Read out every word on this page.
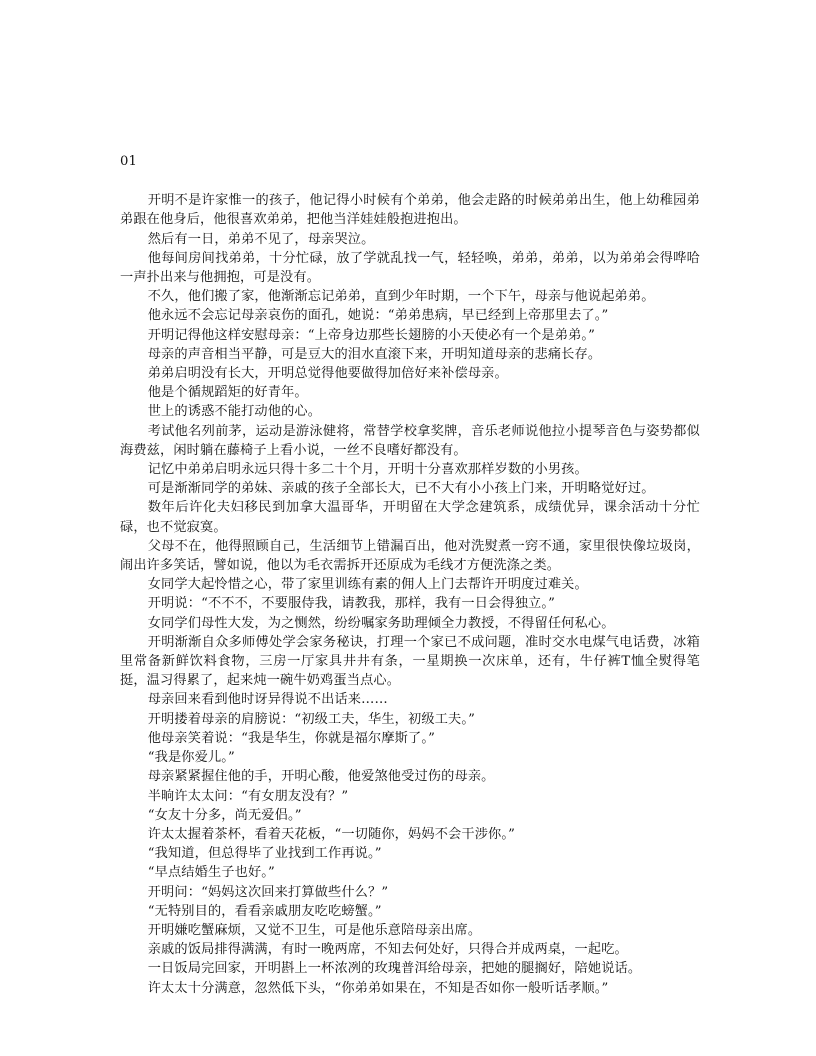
01

开明不是许家惟一的孩子，他记得小时候有个弟弟，他会走路的时候弟弟出生，他上幼稚园弟弟跟在他身后，他很喜欢弟弟，把他当洋娃娃般抱进抱出。

然后有一日，弟弟不见了，母亲哭泣。

他每间房间找弟弟，十分忙碌，放了学就乱找一气，轻轻唤，弟弟，弟弟，以为弟弟会得哗哈一声扑出来与他拥抱，可是没有。

不久，他们搬了家，他渐渐忘记弟弟，直到少年时期，一个下午，母亲与他说起弟弟。

他永远不会忘记母亲哀伤的面孔，她说：“弟弟患病，早已经到上帝那里去了。”

开明记得他这样安慰母亲：“上帝身边那些长翅膀的小天使必有一个是弟弟。”

母亲的声音相当平静，可是豆大的泪水直滚下来，开明知道母亲的悲痛长存。

弟弟启明没有长大，开明总觉得他要做得加倍好来补偿母亲。

他是个循规蹈矩的好青年。

世上的诱惑不能打动他的心。

考试他名列前茅，运动是游泳健将，常替学校拿奖牌，音乐老师说他拉小提琴音色与姿势都似海费兹，闲时躺在藤椅子上看小说，一丝不良嗜好都没有。

记忆中弟弟启明永远只得十多二十个月，开明十分喜欢那样岁数的小男孩。

可是渐渐同学的弟妹、亲戚的孩子全部长大，已不大有小小孩上门来，开明略觉好过。

数年后许化夫妇移民到加拿大温哥华，开明留在大学念建筑系，成绩优异，课余活动十分忙碌，也不觉寂寞。

父母不在，他得照顾自己，生活细节上错漏百出，他对洗熨煮一窍不通，家里很快像垃圾岗，闹出许多笑话，譬如说，他以为毛衣需拆开还原成为毛线才方便洗涤之类。

女同学大起怜惜之心，带了家里训练有素的佣人上门去帮许开明度过难关。

开明说：“不不不，不要服侍我，请教我，那样，我有一日会得独立。”

女同学们母性大发，为之恻然，纷纷嘱家务助理倾全力教授，不得留任何私心。

开明渐渐自众多师傅处学会家务秘诀，打理一个家已不成问题，准时交水电煤气电话费，冰箱里常备新鲜饮料食物，三房一厅家具井井有条，一星期换一次床单，还有，牛仔裤T恤全熨得笔挺，温习得累了，起来炖一碗牛奶鸡蛋当点心。

母亲回来看到他时讶异得说不出话来……

开明搂着母亲的肩膀说：“初级工夫，华生，初级工夫。”

他母亲笑着说：“我是华生，你就是福尔摩斯了。”

“我是你爱儿。”

母亲紧紧握住他的手，开明心酸，他爱煞他受过伤的母亲。

半晌许太太问：“有女朋友没有？”

“女友十分多，尚无爱侣。”

许太太握着茶杯，看着天花板，“一切随你，妈妈不会干涉你。”

“我知道，但总得毕了业找到工作再说。”

“早点结婚生子也好。”

开明问：“妈妈这次回来打算做些什么？”

“无特别目的，看看亲戚朋友吃吃螃蟹。”

开明嫌吃蟹麻烦，又觉不卫生，可是他乐意陪母亲出席。

亲戚的饭局排得满满，有时一晚两席，不知去何处好，只得合并成两桌，一起吃。

一日饭局完回家，开明斟上一杯浓冽的玫瑰普洱给母亲，把她的腿搁好，陪她说话。

许太太十分满意，忽然低下头，“你弟弟如果在，不知是否如你一般听话孝顺。”
